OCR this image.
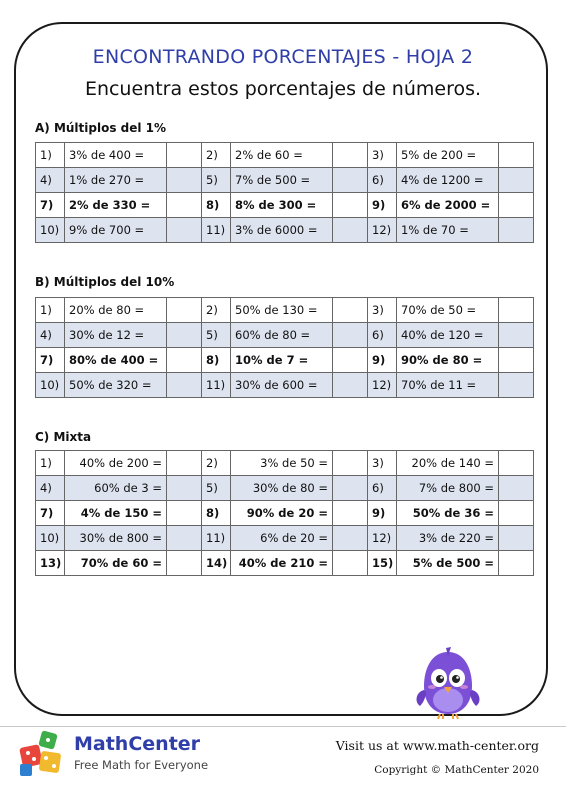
ENCONTRANDO PORCENTAJES - HOJA 2
Encuentra estos porcentajes de números.
A) Múltiplos del 1%
1)	3% de 400 =		2)	2% de 60 =		3)	5% de 200 =	
4)	1% de 270 =		5)	7% de 500 =		6)	4% de 1200 =	
7)	2% de 330 =		8)	8% de 300 =		9)	6% de 2000 =	
10)	9% de 700 =		11)	3% de 6000 =		12)	1% de 70 =	
B) Múltiplos del 10%
1)	20% de 80 =		2)	50% de 130 =		3)	70% de 50 =	
4)	30% de 12 =		5)	60% de 80 =		6)	40% de 120 =	
7)	80% de 400 =		8)	10% de 7 =		9)	90% de 80 =	
10)	50% de 320 =		11)	30% de 600 =		12)	70% de 11 =	
C) Mixta
1)	40% de 200 =		2)	3% de 50 =		3)	20% de 140 =	
4)	60% de 3 =		5)	30% de 80 =		6)	7% de 800 =	
7)	4% de 150 =		8)	90% de 20 =		9)	50% de 36 =	
10)	30% de 800 =		11)	6% de 20 =		12)	3% de 220 =	
13)	70% de 60 =		14)	40% de 210 =		15)	5% de 500 =	
MathCenter
Free Math for Everyone
Visit us at www.math-center.org
Copyright © MathCenter 2020
